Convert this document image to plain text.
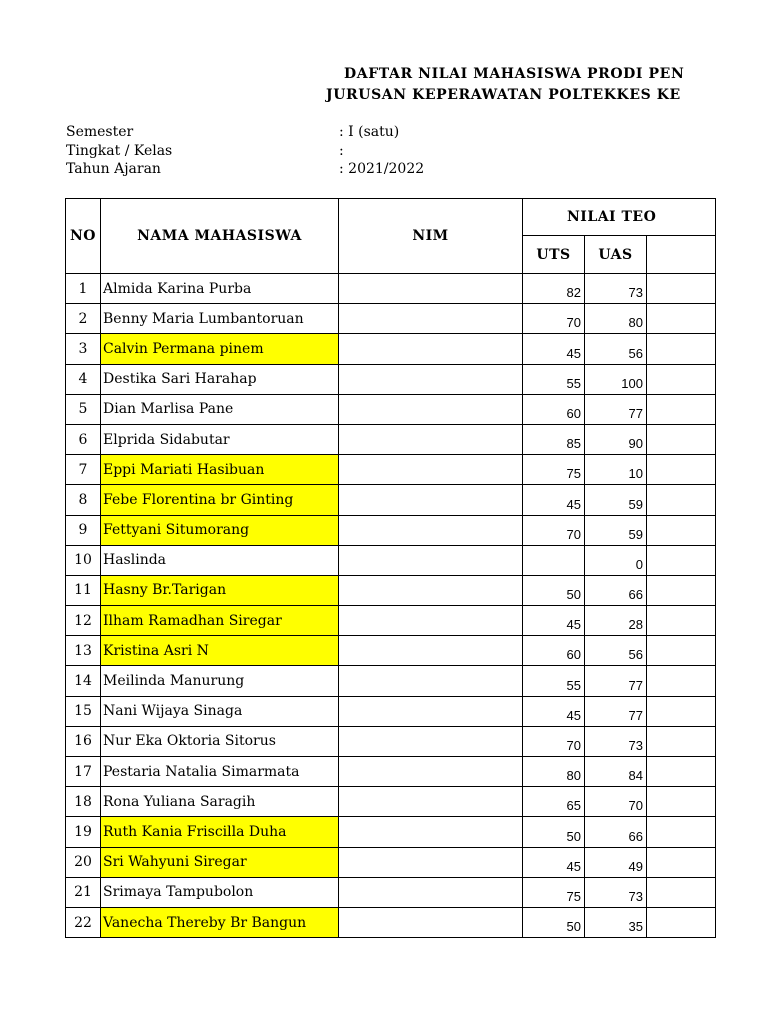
DAFTAR NILAI MAHASISWA PRODI PEN
JURUSAN KEPERAWATAN POLTEKKES KE
Semester	: I (satu)
Tingkat / Kelas	:
Tahun Ajaran	: 2021/2022
NO	NAMA MAHASISWA	NIM	NILAI TEO		
			UTS	UAS	
1	Almida Karina Purba		82	73	
2	Benny Maria Lumbantoruan		70	80	
3	Calvin Permana pinem		45	56	
4	Destika Sari Harahap		55	100	
5	Dian Marlisa Pane		60	77	
6	Elprida Sidabutar		85	90	
7	Eppi Mariati Hasibuan		75	10	
8	Febe Florentina br Ginting		45	59	
9	Fettyani Situmorang		70	59	
10	Haslinda			0	
11	Hasny Br.Tarigan		50	66	
12	Ilham Ramadhan Siregar		45	28	
13	Kristina Asri N		60	56	
14	Meilinda Manurung		55	77	
15	Nani Wijaya Sinaga		45	77	
16	Nur Eka Oktoria Sitorus		70	73	
17	Pestaria Natalia Simarmata		80	84	
18	Rona Yuliana Saragih		65	70	
19	Ruth Kania Friscilla Duha		50	66	
20	Sri Wahyuni Siregar		45	49	
21	Srimaya Tampubolon		75	73	
22	Vanecha Thereby Br Bangun		50	35	
